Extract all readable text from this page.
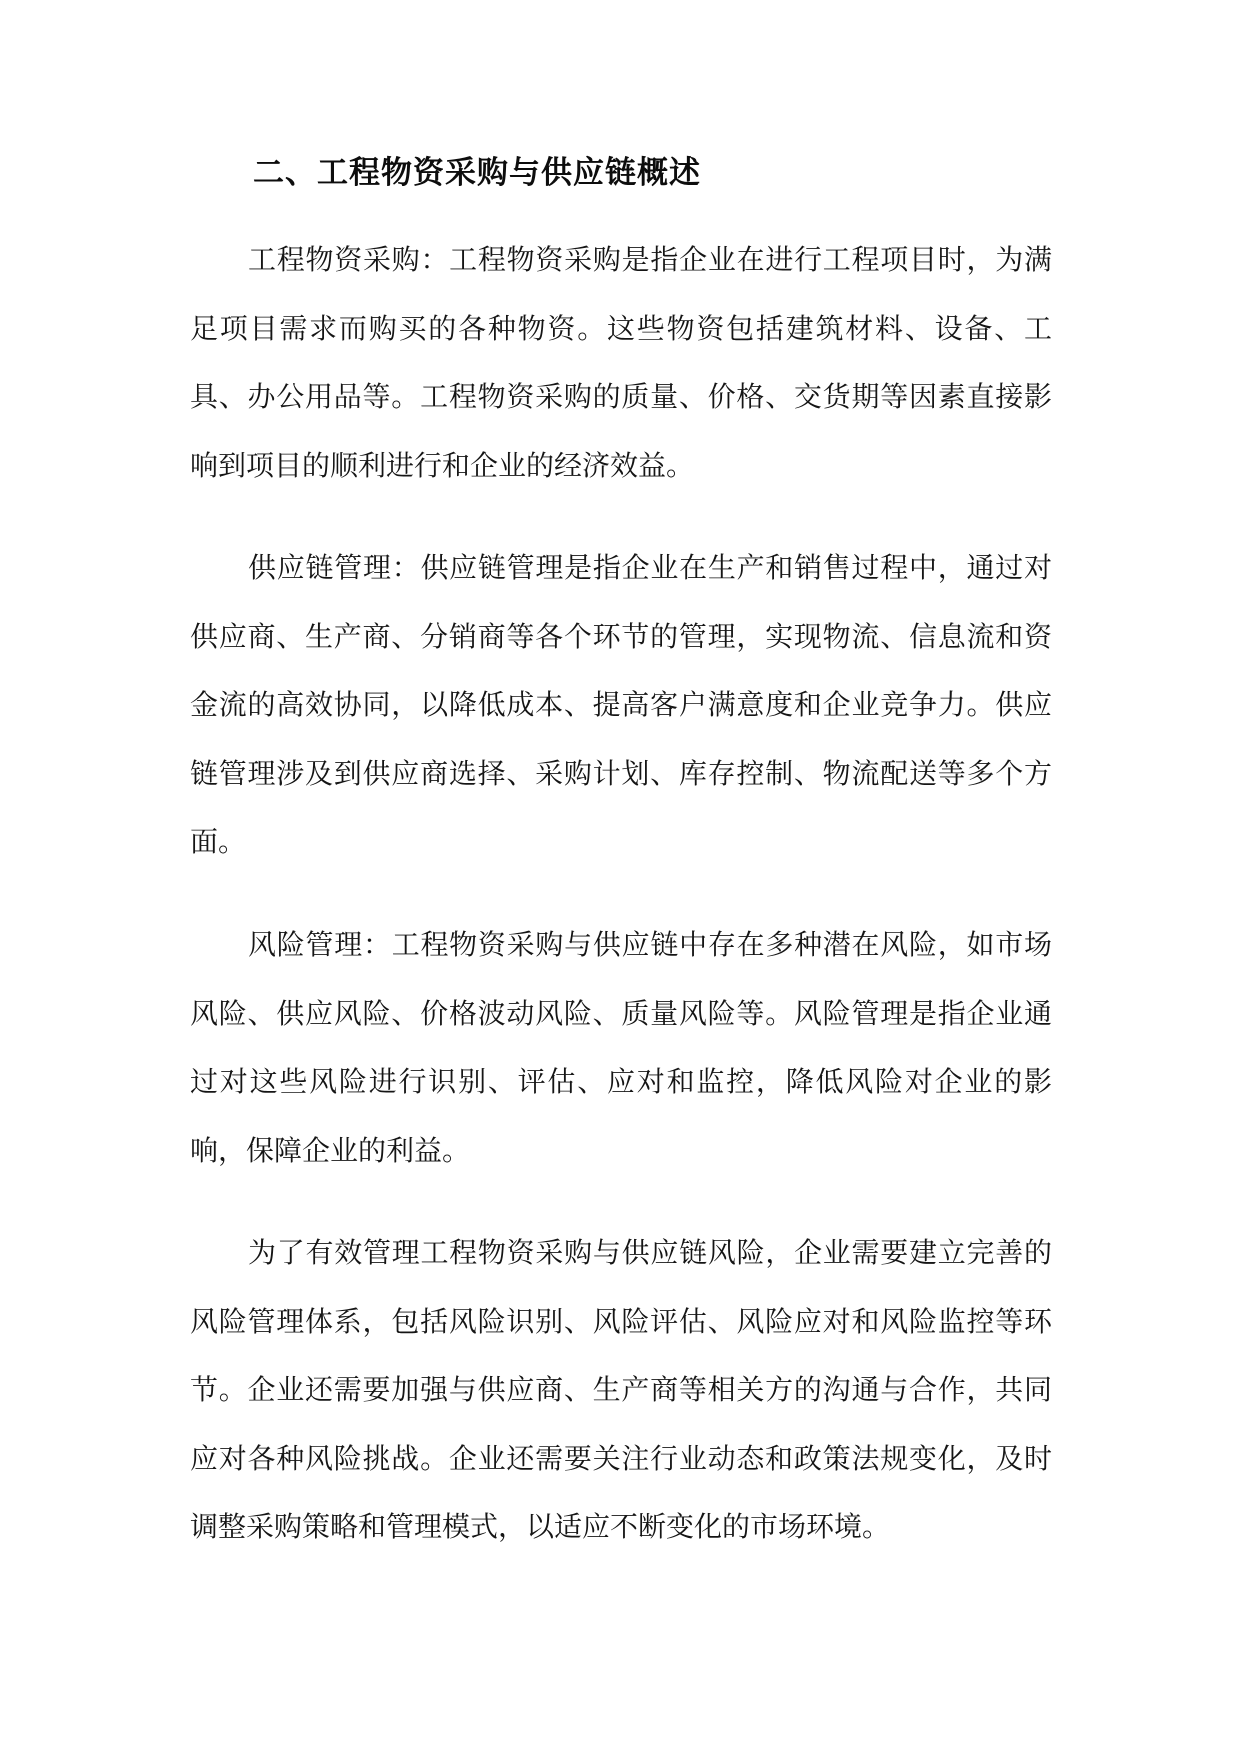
二、工程物资采购与供应链概述

工程物资采购：工程物资采购是指企业在进行工程项目时，为满足项目需求而购买的各种物资。这些物资包括建筑材料、设备、工具、办公用品等。工程物资采购的质量、价格、交货期等因素直接影响到项目的顺利进行和企业的经济效益。

供应链管理：供应链管理是指企业在生产和销售过程中，通过对供应商、生产商、分销商等各个环节的管理，实现物流、信息流和资金流的高效协同，以降低成本、提高客户满意度和企业竞争力。供应链管理涉及到供应商选择、采购计划、库存控制、物流配送等多个方面。

风险管理：工程物资采购与供应链中存在多种潜在风险，如市场风险、供应风险、价格波动风险、质量风险等。风险管理是指企业通过对这些风险进行识别、评估、应对和监控，降低风险对企业的影响，保障企业的利益。

为了有效管理工程物资采购与供应链风险，企业需要建立完善的风险管理体系，包括风险识别、风险评估、风险应对和风险监控等环节。企业还需要加强与供应商、生产商等相关方的沟通与合作，共同应对各种风险挑战。企业还需要关注行业动态和政策法规变化，及时调整采购策略和管理模式，以适应不断变化的市场环境。
